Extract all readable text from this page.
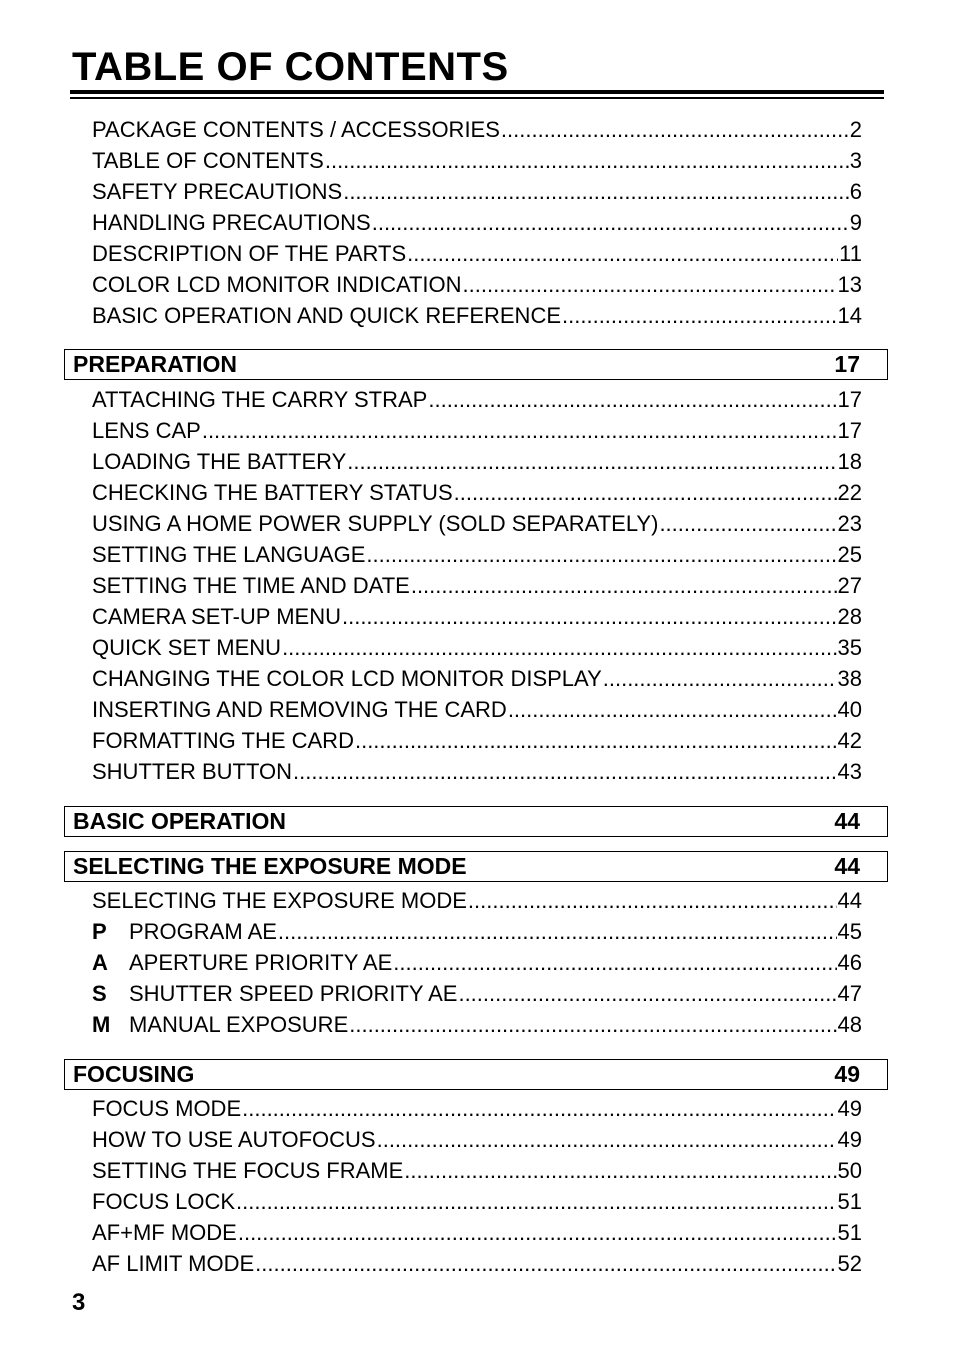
TABLE OF CONTENTS
PACKAGE CONTENTS / ACCESSORIES .....	2
TABLE OF CONTENTS .....	3
SAFETY PRECAUTIONS .....	6
HANDLING PRECAUTIONS .....	9
DESCRIPTION OF THE PARTS .....	11
COLOR LCD MONITOR INDICATION .....	13
BASIC OPERATION AND QUICK REFERENCE .....	14
PREPARATION	17
ATTACHING THE CARRY STRAP .....	17
LENS CAP .....	17
LOADING THE BATTERY .....	18
CHECKING THE BATTERY STATUS .....	22
USING A HOME POWER SUPPLY (SOLD SEPARATELY) .....	23
SETTING THE LANGUAGE .....	25
SETTING THE TIME AND DATE .....	27
CAMERA SET-UP MENU .....	28
QUICK SET MENU .....	35
CHANGING THE COLOR LCD MONITOR DISPLAY .....	38
INSERTING AND REMOVING THE CARD .....	40
FORMATTING THE CARD .....	42
SHUTTER BUTTON .....	43
BASIC OPERATION	44
SELECTING THE EXPOSURE MODE	44
SELECTING THE EXPOSURE MODE .....	44
P	PROGRAM AE .....	45
A APERTURE PRIORITY AE .....	46
S	SHUTTER SPEED PRIORITY AE .....	47
M MANUAL EXPOSURE .....	48
FOCUSING	49
FOCUS MODE .....	49
HOW TO USE AUTOFOCUS .....	49
SETTING THE FOCUS FRAME .....	50
FOCUS LOCK .....	51
AF+MF MODE .....	51
AF LIMIT MODE .....	52
3
